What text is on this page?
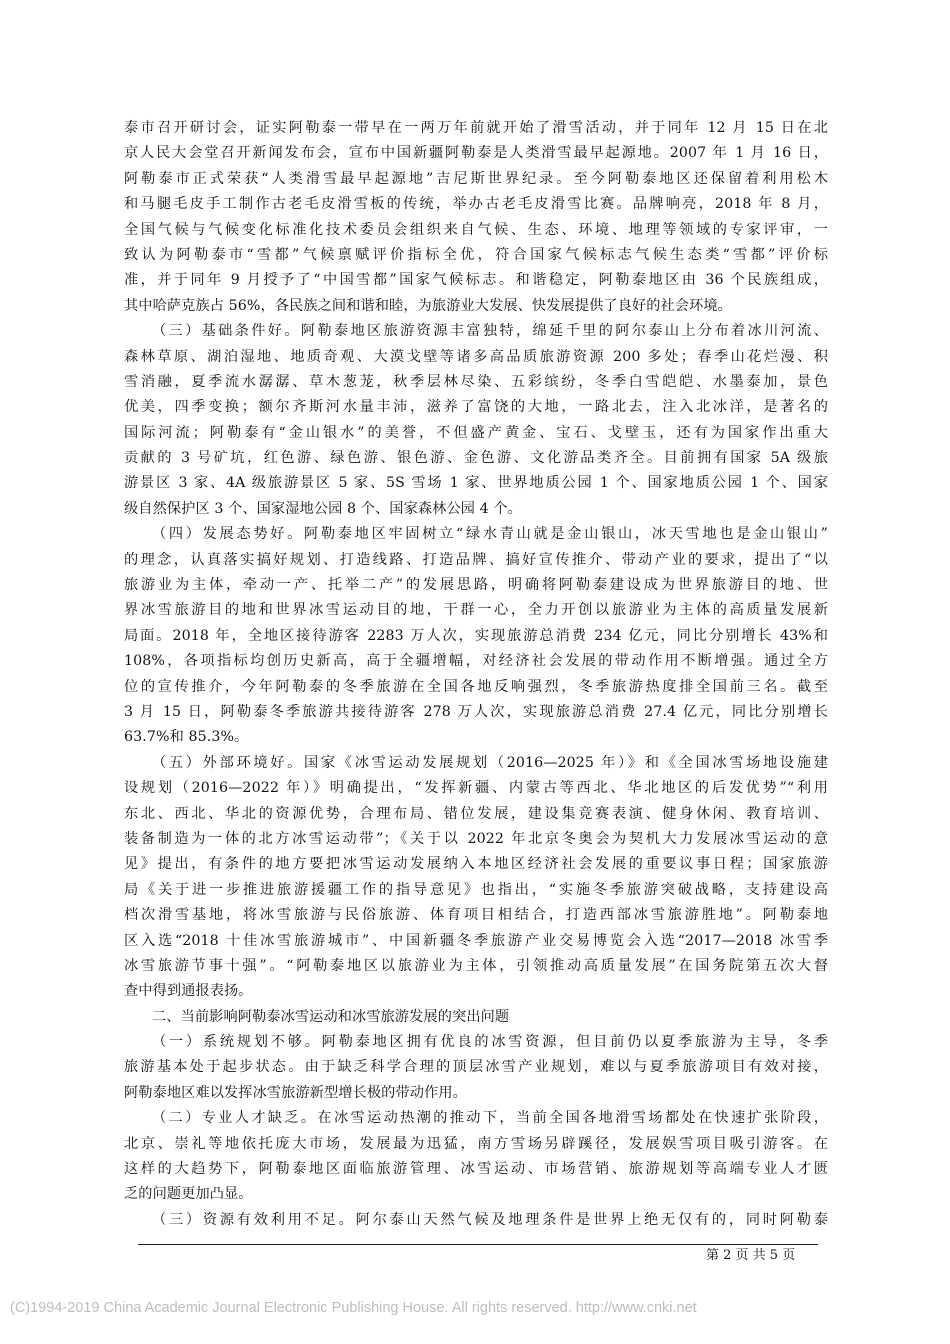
泰市召开研讨会，证实阿勒泰一带早在一两万年前就开始了滑雪活动，并于同年 12 月 15 日在北
京人民大会堂召开新闻发布会，宣布中国新疆阿勒泰是人类滑雪最早起源地。2007 年 1 月 16 日，
阿勒泰市正式荣获“人类滑雪最早起源地”吉尼斯世界纪录。至今阿勒泰地区还保留着利用松木
和马腿毛皮手工制作古老毛皮滑雪板的传统，举办古老毛皮滑雪比赛。品牌响亮，2018 年 8 月，
全国气候与气候变化标准化技术委员会组织来自气候、生态、环境、地理等领域的专家评审，一
致认为阿勒泰市“雪都”气候禀赋评价指标全优，符合国家气候标志气候生态类“雪都”评价标
准，并于同年 9 月授予了“中国雪都”国家气候标志。和谐稳定，阿勒泰地区由 36 个民族组成，
其中哈萨克族占 56%，各民族之间和谐和睦，为旅游业大发展、快发展提供了良好的社会环境。
（三）基础条件好。阿勒泰地区旅游资源丰富独特，绵延千里的阿尔泰山上分布着冰川河流、
森林草原、湖泊湿地、地质奇观、大漠戈壁等诸多高品质旅游资源 200 多处；春季山花烂漫、积
雪消融，夏季流水潺潺、草木葱茏，秋季层林尽染、五彩缤纷，冬季白雪皑皑、水墨泰加，景色
优美，四季变换；额尔齐斯河水量丰沛，滋养了富饶的大地，一路北去，注入北冰洋，是著名的
国际河流；阿勒泰有“金山银水”的美誉，不但盛产黄金、宝石、戈壁玉，还有为国家作出重大
贡献的 3 号矿坑，红色游、绿色游、银色游、金色游、文化游品类齐全。目前拥有国家 5A 级旅
游景区 3 家、4A 级旅游景区 5 家、5S 雪场 1 家、世界地质公园 1 个、国家地质公园 1 个、国家
级自然保护区 3 个、国家湿地公园 8 个、国家森林公园 4 个。
（四）发展态势好。阿勒泰地区牢固树立“绿水青山就是金山银山，冰天雪地也是金山银山”
的理念，认真落实搞好规划、打造线路、打造品牌、搞好宣传推介、带动产业的要求，提出了“以
旅游业为主体，牵动一产、托举二产”的发展思路，明确将阿勒泰建设成为世界旅游目的地、世
界冰雪旅游目的地和世界冰雪运动目的地，干群一心，全力开创以旅游业为主体的高质量发展新
局面。2018 年，全地区接待游客 2283 万人次，实现旅游总消费 234 亿元，同比分别增长 43%和
108%，各项指标均创历史新高，高于全疆增幅，对经济社会发展的带动作用不断增强。通过全方
位的宣传推介，今年阿勒泰的冬季旅游在全国各地反响强烈，冬季旅游热度排全国前三名。截至
3 月 15 日，阿勒泰冬季旅游共接待游客 278 万人次，实现旅游总消费 27.4 亿元，同比分别增长
63.7%和 85.3%。
（五）外部环境好。国家《冰雪运动发展规划（2016—2025 年）》和《全国冰雪场地设施建
设规划（2016—2022 年）》明确提出，“发挥新疆、内蒙古等西北、华北地区的后发优势”“利用
东北、西北、华北的资源优势，合理布局、错位发展，建设集竞赛表演、健身休闲、教育培训、
装备制造为一体的北方冰雪运动带”；《关于以 2022 年北京冬奥会为契机大力发展冰雪运动的意
见》提出，有条件的地方要把冰雪运动发展纳入本地区经济社会发展的重要议事日程；国家旅游
局《关于进一步推进旅游援疆工作的指导意见》也指出，“实施冬季旅游突破战略，支持建设高
档次滑雪基地，将冰雪旅游与民俗旅游、体育项目相结合，打造西部冰雪旅游胜地”。阿勒泰地
区入选“2018 十佳冰雪旅游城市”、中国新疆冬季旅游产业交易博览会入选“2017—2018 冰雪季
冰雪旅游节事十强”。“阿勒泰地区以旅游业为主体，引领推动高质量发展”在国务院第五次大督
查中得到通报表扬。
二、当前影响阿勒泰冰雪运动和冰雪旅游发展的突出问题
（一）系统规划不够。阿勒泰地区拥有优良的冰雪资源，但目前仍以夏季旅游为主导，冬季
旅游基本处于起步状态。由于缺乏科学合理的顶层冰雪产业规划，难以与夏季旅游项目有效对接，
阿勒泰地区难以发挥冰雪旅游新型增长极的带动作用。
（二）专业人才缺乏。在冰雪运动热潮的推动下，当前全国各地滑雪场都处在快速扩张阶段，
北京、崇礼等地依托庞大市场，发展最为迅猛，南方雪场另辟蹊径，发展娱雪项目吸引游客。在
这样的大趋势下，阿勒泰地区面临旅游管理、冰雪运动、市场营销、旅游规划等高端专业人才匮
乏的问题更加凸显。
（三）资源有效利用不足。阿尔泰山天然气候及地理条件是世界上绝无仅有的，同时阿勒泰
第 2 页 共 5 页
(C)1994-2019 China Academic Journal Electronic Publishing House. All rights reserved. http://www.cnki.net
